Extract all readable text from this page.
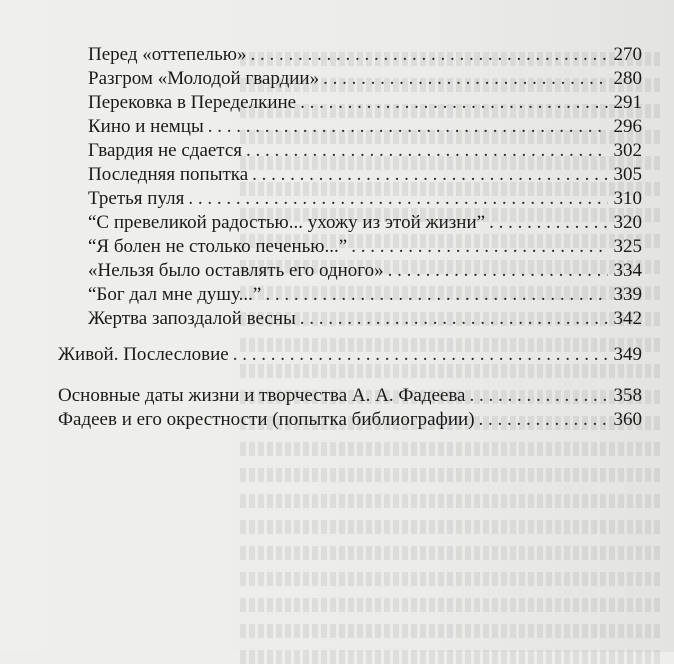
Перед «оттепелью» . . .	270
Разгром «Молодой гвардии» . . .	280
Перековка в Переделкине . . .	291
Кино и немцы . . .	296
Гвардия не сдается . . .	302
Последняя попытка . . .	305
Третья пуля . . .	310
“С превеликой радостью... ухожу из этой жизни” . . .	320
“Я болен не столько печенью...” . . .	325
«Нельзя было оставлять его одного» . . .	334
“Бог дал мне душу...” . . .	339
Жертва запоздалой весны . . .	342
Живой. Послесловие . . .	349
Основные даты жизни и творчества А. А. Фадеева . . .	358
Фадеев и его окрестности (попытка библиографии) . . .	360
